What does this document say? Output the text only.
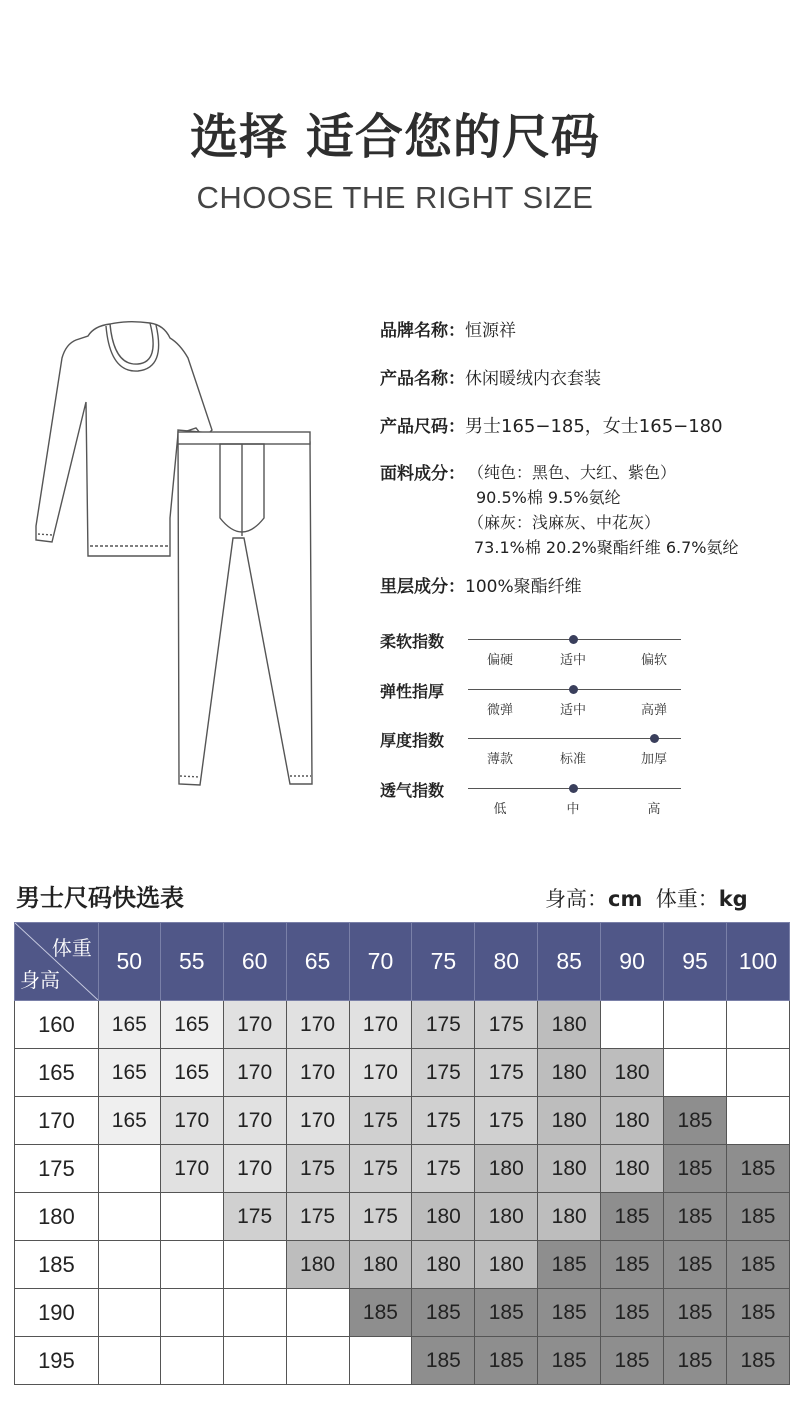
选择 适合您的尺码
CHOOSE THE RIGHT SIZE
品牌名称：恒源祥
产品名称：休闲暖绒内衣套装
产品尺码：男士165−185，女士165−180
面料成分： （纯色：黑色、大红、紫色）
90.5%棉 9.5%氨纶
（麻灰：浅麻灰、中花灰）
73.1%棉 20.2%聚酯纤维 6.7%氨纶
里层成分：100%聚酯纤维
柔软指数
偏硬	适中	偏软
弹性指厚
微弹	适中	高弹
厚度指数
薄款	标准	加厚
透气指数
低	中	高
男士尺码快选表	身高：cm 体重：kg
体重
身高	50	55	60	65	70	75	80	85	90	95	100
160	165	165	170	170	170	175	175	180			
165	165	165	170	170	170	175	175	180	180		
170	165	170	170	170	175	175	175	180	180	185	
175		170	170	175	175	175	180	180	180	185	185
180			175	175	175	180	180	180	185	185	185
185				180	180	180	180	185	185	185	185
190					185	185	185	185	185	185	185
195						185	185	185	185	185	185
